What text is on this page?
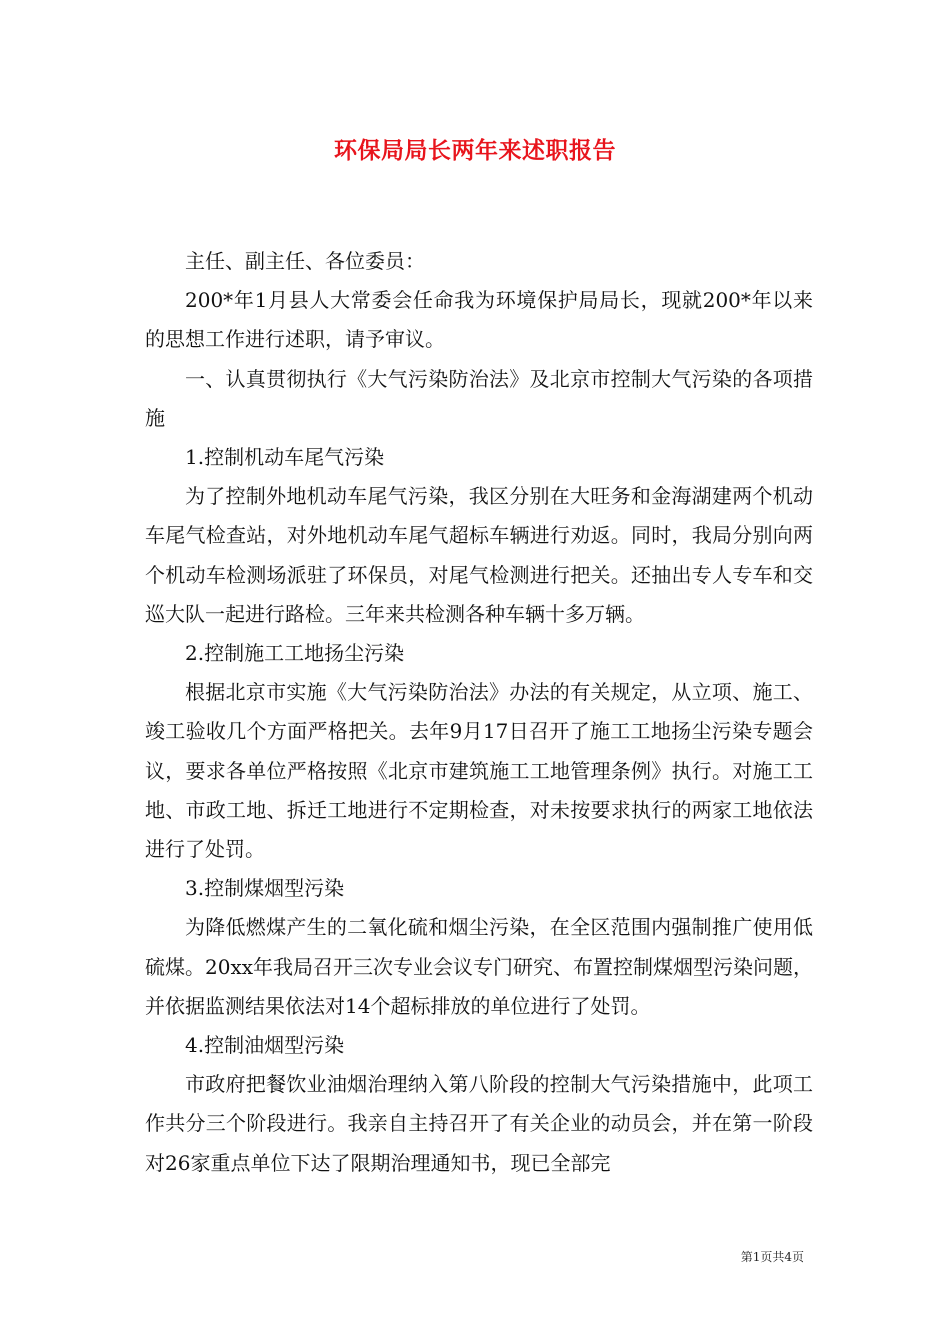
环保局局长两年来述职报告

主任、副主任、各位委员：

200*年1月县人大常委会任命我为环境保护局局长，现就200*年以来的思想工作进行述职，请予审议。

一、认真贯彻执行《大气污染防治法》及北京市控制大气污染的各项措施

1.控制机动车尾气污染

为了控制外地机动车尾气污染，我区分别在大旺务和金海湖建两个机动车尾气检查站，对外地机动车尾气超标车辆进行劝返。同时，我局分别向两个机动车检测场派驻了环保员，对尾气检测进行把关。还抽出专人专车和交巡大队一起进行路检。三年来共检测各种车辆十多万辆。

2.控制施工工地扬尘污染

根据北京市实施《大气污染防治法》办法的有关规定，从立项、施工、竣工验收几个方面严格把关。去年9月17日召开了施工工地扬尘污染专题会议，要求各单位严格按照《北京市建筑施工工地管理条例》执行。对施工工地、市政工地、拆迁工地进行不定期检查，对未按要求执行的两家工地依法进行了处罚。

3.控制煤烟型污染

为降低燃煤产生的二氧化硫和烟尘污染，在全区范围内强制推广使用低硫煤。20xx年我局召开三次专业会议专门研究、布置控制煤烟型污染问题，并依据监测结果依法对14个超标排放的单位进行了处罚。

4.控制油烟型污染

市政府把餐饮业油烟治理纳入第八阶段的控制大气污染措施中，此项工作共分三个阶段进行。我亲自主持召开了有关企业的动员会，并在第一阶段对26家重点单位下达了限期治理通知书，现已全部完

第1页共4页
